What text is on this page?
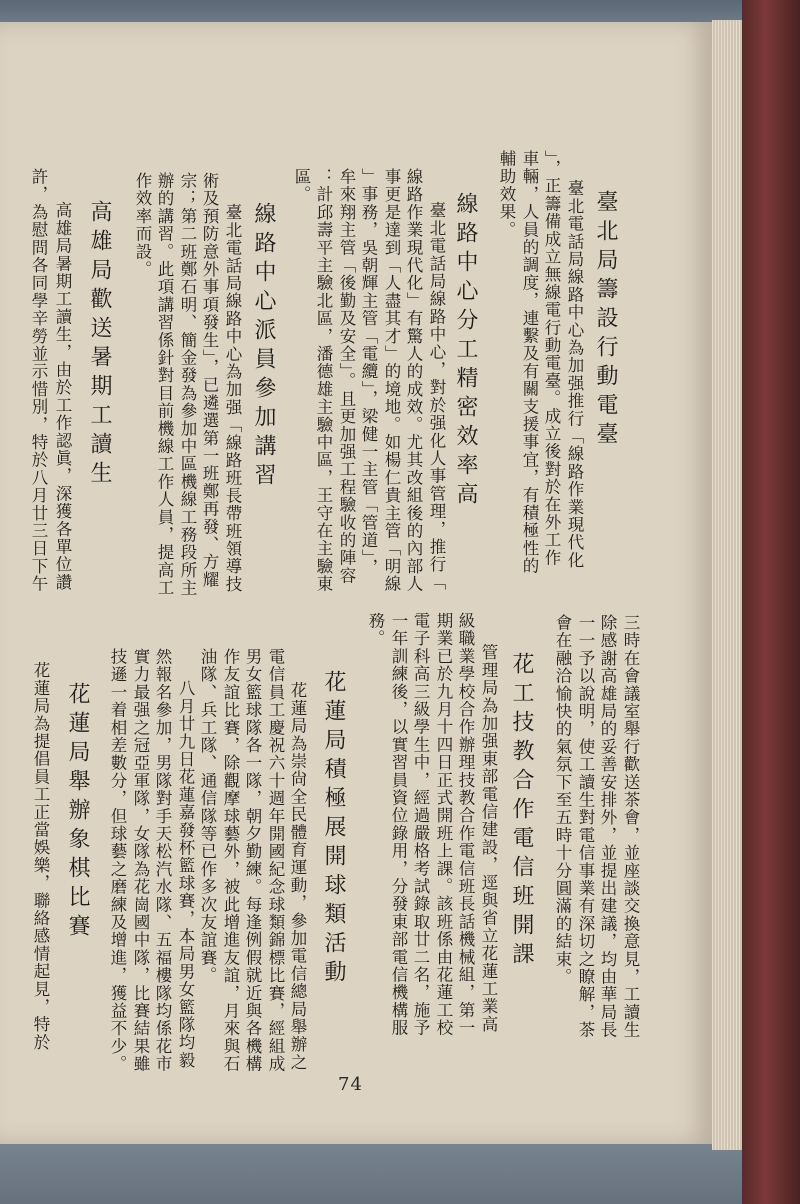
臺北局籌設行動電臺
　臺北電話局線路中心為加强推行「線路作業現代化
」，正籌備成立無線電行動電臺。成立後對於在外工作
車輛，人員的調度，連繫及有關支援事宜，有積極性的
輔助效果。
線路中心分工精密效率高
　臺北電話局線路中心，對於强化人事管理，推行「
線路作業現代化」有驚人的成效。尤其改組後的內部人
事更是達到「人盡其才」的境地。如楊仁貴主管「明線
」事務，吳朝輝主管「電纜」，梁健一主管「管道」，
牟來翔主管「後勤及安全」。且更加强工程驗收的陣容
：計邱壽平主驗北區，潘德雄主驗中區，王守在主驗東
區。
線路中心派員參加講習
　臺北電話局線路中心為加强「線路班長帶班領導技
術及預防意外事項發生」，已遴選第一班鄭再發、方耀
宗；第二班鄭石明、簡金發為參加中區機線工務段所主
辦的講習。此項講習係針對目前機線工作人員，提高工
作效率而設。
高雄局歡送暑期工讀生
　高雄局暑期工讀生，由於工作認眞，深獲各單位讚
許，為慰問各同學辛勞並示惜別，特於八月廿三日下午
三時在會議室舉行歡送茶會，並座談交換意見，工讀生
除感謝高雄局的妥善安排外，並提出建議，均由華局長
一一予以說明，使工讀生對電信事業有深切之瞭解，茶
會在融洽愉快的氣氛下至五時十分圓滿的結束。
花工技教合作電信班開課
　管理局為加强東部電信建設，逕與省立花蓮工業高
級職業學校合作辦理技教合作電信班長話機械組，第一
期業已於九月十四日正式開班上課。該班係由花蓮工校
電子科高三級學生中，經過嚴格考試錄取廿二名，施予
一年訓練後，以實習員資位錄用，分發東部電信機構服
務。
花蓮局積極展開球類活動
　花蓮局為崇尙全民體育運動，參加電信總局舉辦之
電信員工慶祝六十週年開國紀念球類錦標比賽，經組成
男女籃球隊各一隊，朝夕勤練。每逢例假就近與各機構
作友誼比賽，除觀摩球藝外，被此增進友誼，月來與石
油隊、兵工隊、通信隊等已作多次友誼賽。
　八月廿九日花蓮嘉發杯籃球賽，本局男女籃隊均毅
然報名參加，男隊對手天松汽水隊、五福樓隊均係花市
實力最强之冠亞軍隊，女隊為花崗國中隊，比賽結果雖
技遜一着相差數分，但球藝之磨練及增進，獲益不少。
花蓮局舉辦象棋比賽
　花蓮局為提倡員工正當娛樂，聯絡感情起見，特於
74
